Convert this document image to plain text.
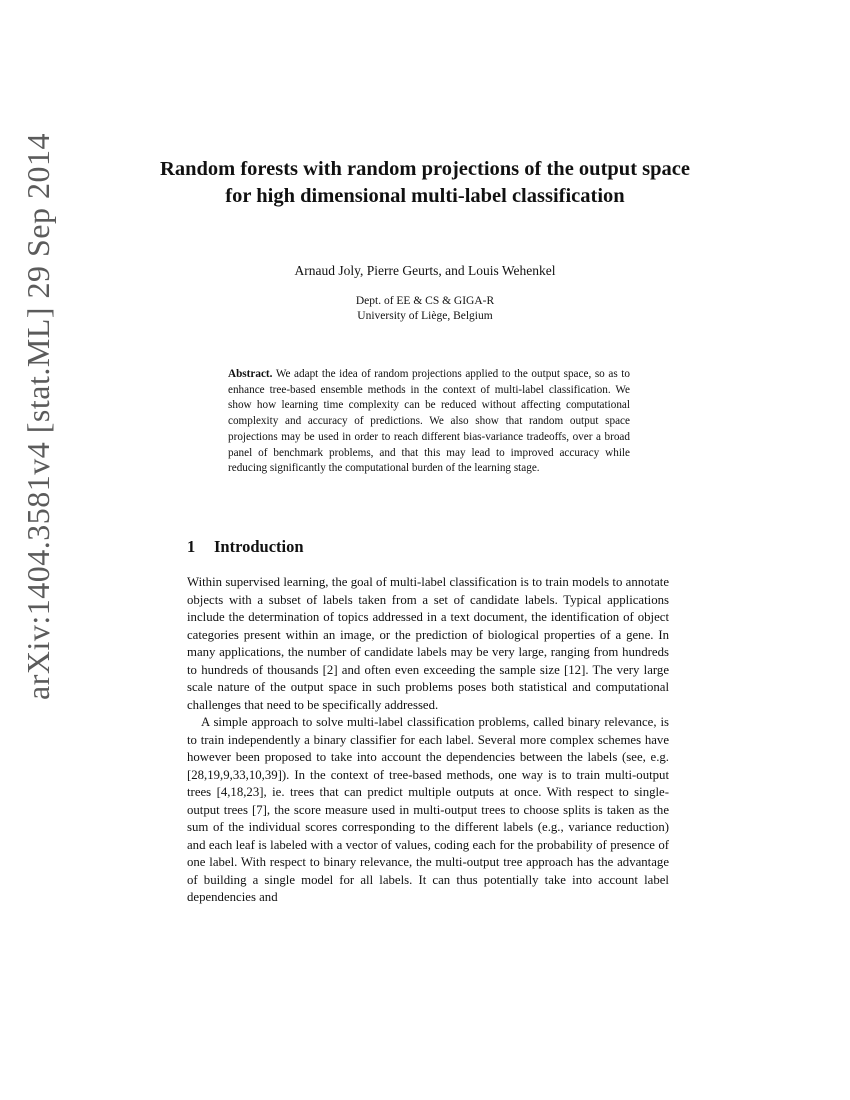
arXiv:1404.3581v4 [stat.ML] 29 Sep 2014	Random forests with random projections of the output space for high dimensional multi-label classification
Arnaud Joly, Pierre Geurts, and Louis Wehenkel
Dept. of EE & CS & GIGA-R
University of Liège, Belgium
Abstract. We adapt the idea of random projections applied to the output space, so as to enhance tree-based ensemble methods in the context of multi-label classification. We show how learning time complexity can be reduced without affecting computational complexity and accuracy of predictions. We also show that random output space projections may be used in order to reach different bias-variance tradeoffs, over a broad panel of benchmark problems, and that this may lead to improved accuracy while reducing significantly the computational burden of the learning stage.
1 Introduction

Within supervised learning, the goal of multi-label classification is to train models to annotate objects with a subset of labels taken from a set of candidate labels. Typical applications include the determination of topics addressed in a text document, the identification of object categories present within an image, or the prediction of biological properties of a gene. In many applications, the number of candidate labels may be very large, ranging from hundreds to hundreds of thousands [2] and often even exceeding the sample size [12]. The very large scale nature of the output space in such problems poses both statistical and computational challenges that need to be specifically addressed.

A simple approach to solve multi-label classification problems, called binary relevance, is to train independently a binary classifier for each label. Several more complex schemes have however been proposed to take into account the dependencies between the labels (see, e.g. [28,19,9,33,10,39]). In the context of tree-based methods, one way is to train multi-output trees [4,18,23], ie. trees that can predict multiple outputs at once. With respect to single-output trees [7], the score measure used in multi-output trees to choose splits is taken as the sum of the individual scores corresponding to the different labels (e.g., variance reduction) and each leaf is labeled with a vector of values, coding each for the probability of presence of one label. With respect to binary relevance, the multi-output tree approach has the advantage of building a single model for all labels. It can thus potentially take into account label dependencies and
